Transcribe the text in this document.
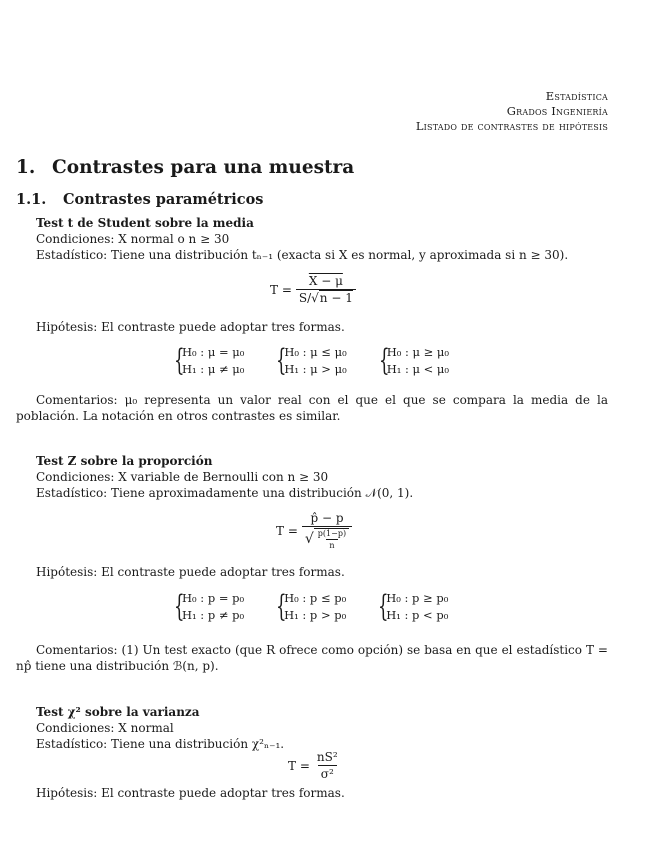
Estadística
Grados Ingeniería
Listado de contrastes de hipótesis
1. Contrastes para una muestra
1.1. Contrastes paramétricos
Test t de Student sobre la media
Condiciones: X normal o n ≥ 30
Estadístico: Tiene una distribución tₙ₋₁ (exacta si X es normal, y aproximada si n ≥ 30).
$T = \frac{X - \mu}{S/√n - 1}$
Hipótesis: El contraste puede adoptar tres formas.
{
H₀ : μ = μ₀
H₁ : μ ≠ μ₀ {
H₀ : μ ≤ μ₀
H₁ : μ > μ₀ {
H₀ : μ ≥ μ₀
H₁ : μ < μ₀
Comentarios: μ₀ representa un valor real con el que el que se compara la media de la población. La notación en otros contrastes es similar.
Test Z sobre la proporción
Condiciones: X variable de Bernoulli con n ≥ 30
Estadístico: Tiene aproximadamente una distribución 𝒩(0, 1).
$T = \frac{p̂ - p}{√ \frac{p(1-p)}{n}}$
Hipótesis: El contraste puede adoptar tres formas.
{
H₀ : p = p₀
H₁ : p ≠ p₀ {
H₀ : p ≤ p₀
H₁ : p > p₀ {
H₀ : p ≥ p₀
H₁ : p < p₀
Comentarios: (1) Un test exacto (que R ofrece como opción) se basa en que el estadístico T = np̂ tiene una distribución ℬ(n, p).
Test χ² sobre la varianza
Condiciones: X normal
Estadístico: Tiene una distribución χ²ₙ₋₁.
$T = \frac{\text{nS²}}{\text{σ²}}$
Hipótesis: El contraste puede adoptar tres formas.
